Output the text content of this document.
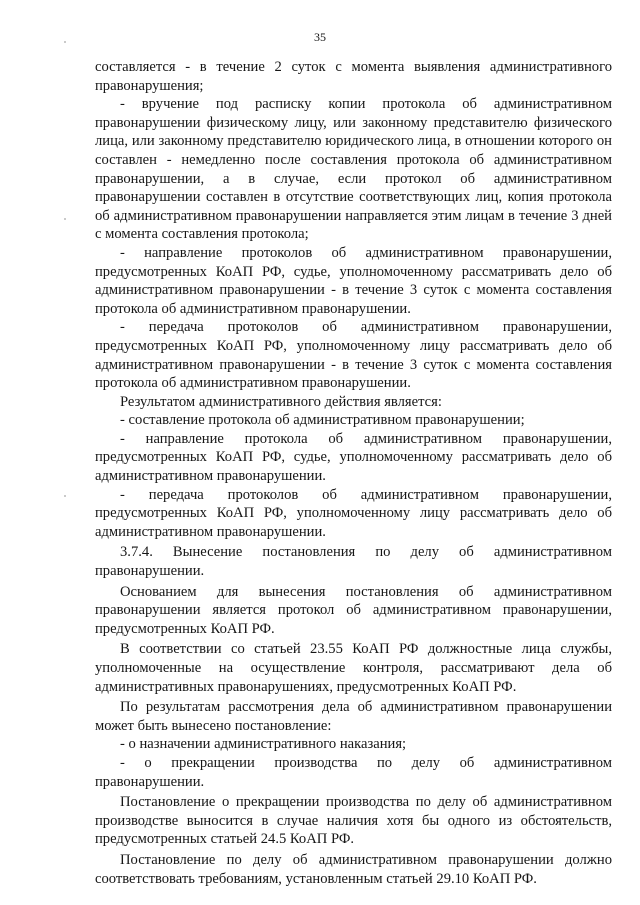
35

составляется - в течение 2 суток с момента выявления административного правонарушения;

- вручение под расписку копии протокола об административном правонарушении физическому лицу, или законному представителю физического лица, или законному представителю юридического лица, в отношении которого он составлен - немедленно после составления протокола об административном правонарушении, а в случае, если протокол об административном правонарушении составлен в отсутствие соответствующих лиц, копия протокола об административном правонарушении направляется этим лицам в течение 3 дней с момента составления протокола;

- направление протоколов об административном правонарушении, предусмотренных КоАП РФ, судье, уполномоченному рассматривать дело об административном правонарушении - в течение 3 суток с момента составления протокола об административном правонарушении.

- передача протоколов об административном правонарушении, предусмотренных КоАП РФ, уполномоченному лицу рассматривать дело об административном правонарушении - в течение 3 суток с момента составления протокола об административном правонарушении.

Результатом административного действия является:

- составление протокола об административном правонарушении;

- направление протокола об административном правонарушении, предусмотренных КоАП РФ, судье, уполномоченному рассматривать дело об административном правонарушении.

- передача протоколов об административном правонарушении, предусмотренных КоАП РФ, уполномоченному лицу рассматривать дело об административном правонарушении.

3.7.4. Вынесение постановления по делу об административном правонарушении.

Основанием для вынесения постановления об административном правонарушении является протокол об административном правонарушении, предусмотренных КоАП РФ.

В соответствии со статьей 23.55 КоАП РФ должностные лица службы, уполномоченные на осуществление контроля, рассматривают дела об административных правонарушениях, предусмотренных КоАП РФ.

По результатам рассмотрения дела об административном правонарушении может быть вынесено постановление:

- о назначении административного наказания;

- о прекращении производства по делу об административном правонарушении.

Постановление о прекращении производства по делу об административном производстве выносится в случае наличия хотя бы одного из обстоятельств, предусмотренных статьей 24.5 КоАП РФ.

Постановление по делу об административном правонарушении должно соответствовать требованиям, установленным статьей 29.10 КоАП РФ.
